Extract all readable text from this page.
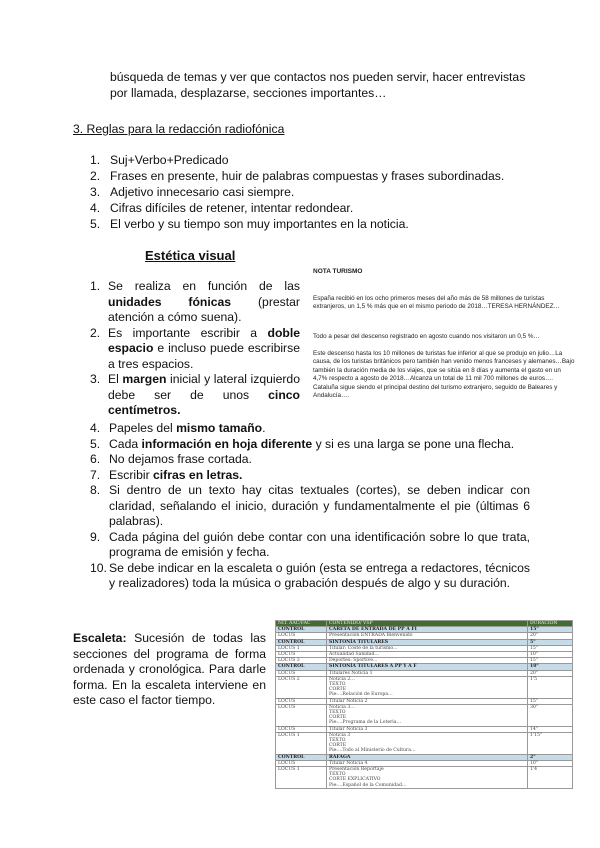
búsqueda de temas y ver que contactos nos pueden servir, hacer entrevistas por llamada, desplazarse, secciones importantes…
3. Reglas para la redacción radiofónica
1. Suj+Verbo+Predicado
2. Frases en presente, huir de palabras compuestas y frases subordinadas.
3. Adjetivo innecesario casi siempre.
4. Cifras difíciles de retener, intentar redondear.
5. El verbo y su tiempo son muy importantes en la noticia.
Estética visual
1. Se realiza en función de las unidades fónicas (prestar atención a cómo suena).
2. Es importante escribir a doble espacio e incluso puede escribirse a tres espacios.
3. El margen inicial y lateral izquierdo debe ser de unos cinco centímetros.
4. Papeles del mismo tamaño.
5. Cada información en hoja diferente y si es una larga se pone una flecha.
6. No dejamos frase cortada.
7. Escribir cifras en letras.
8. Si dentro de un texto hay citas textuales (cortes), se deben indicar con claridad, señalando el inicio, duración y fundamentalmente el pie (últimas 6 palabras).
9. Cada página del guión debe contar con una identificación sobre lo que trata, programa de emisión y fecha.
10. Se debe indicar en la escaleta o guión (esta se entrega a redactores, técnicos y realizadores) toda la música o grabación después de algo y su duración.
NOTA TURISMO
España recibió en los ocho primeros meses del año más de 58 millones de turistas extranjeros, un 1,5 % más que en el mismo periodo de 2018…TERESA HERNÁNDEZ…
Todo a pesar del descenso registrado en agosto cuando nos visitaron un 0,5 %…
Este descenso hasta los 10 millones de turistas fue inferior al que se produjo en julio…La causa, de los turistas británicos pero también han venido menos franceses y alemanes…Bajo también la duración media de los viajes, que se sitúa en 8 días y aumenta el gasto en un 4,7% respecto a agosto de 2018…Alcanza un total de 11 mil 700 millones de euros…. Cataluña sigue siendo el principal destino del turismo extranjero, seguido de Baleares y Andalucía….
Escaleta: Sucesión de todas las secciones del programa de forma ordenada y cronológica. Para darle forma. En la escaleta interviene en este caso el factor tiempo.
NIT. AAC/FAC	CONTENIDO/ VSP	DURACIÓN
CONTROL	CARETA DE ENTRADA DE PP A FI	15"
LOCUS	Presentación ENTRADA Bienvenido	20"
CONTROL	SINTONÍA TITULARES	5"
LOCUS 1	Titular: Coste de la turismo…	15"
LOCUS	Actualidad Sanidad…	10"
LOCUS 3	Deportes: Sportive…	15"
CONTROL	SINTONÍA TITULARES A PP Y A F	10"
LOCUS	Titulares Noticia 1	20"
LOCUS 2	Noticia 2…
TEXTO
CORTE
Pie:…Relación de Europa…	1'5
LOCUS	Titular Noticia 2	15"
LOCUS	Noticia 3…
TEXTO
CORTE
Pie:…Programa de la Lotería…	30"
LOCUS	Titular Noticia 3	14"
LOCUS 1	Noticia 3
TEXTO
CORTE
Pie:…Todo al Ministerio de Cultura…	1'15"
CONTROL	RÁFAGA	2"
LOCUS	Titular Noticia 4	10"
LOCUS 1	Presentación Reportaje
TEXTO
CORTE EXPLICATIVO
Pie:…Español de la Comunidad…	1'4
